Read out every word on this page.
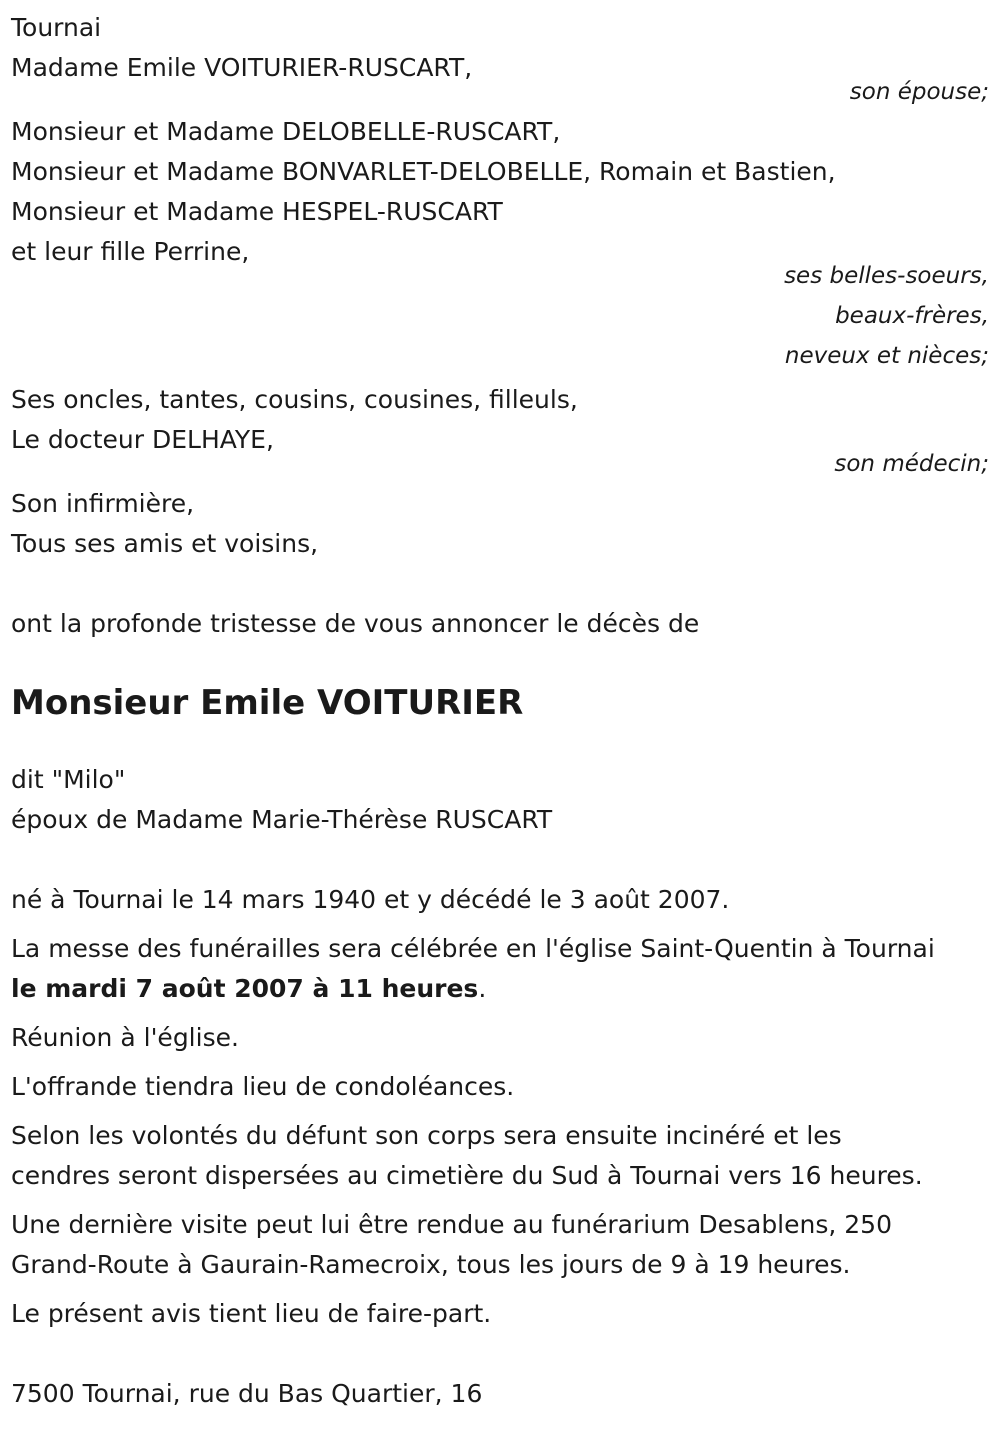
Tournai
Madame Emile VOITURIER-RUSCART,
son épouse;
Monsieur et Madame DELOBELLE-RUSCART,
Monsieur et Madame BONVARLET-DELOBELLE, Romain et Bastien,
Monsieur et Madame HESPEL-RUSCART
et leur fille Perrine,
ses belles-soeurs,
beaux-frères,
neveux et nièces;
Ses oncles, tantes, cousins, cousines, filleuls,
Le docteur DELHAYE,
son médecin;
Son infirmière,
Tous ses amis et voisins,
ont la profonde tristesse de vous annoncer le décès de
Monsieur Emile VOITURIER
dit "Milo"
époux de Madame Marie-Thérèse RUSCART
né à Tournai le 14 mars 1940 et y décédé le 3 août 2007.
La messe des funérailles sera célébrée en l'église Saint-Quentin à Tournai
le mardi 7 août 2007 à 11 heures.
Réunion à l'église.
L'offrande tiendra lieu de condoléances.
Selon les volontés du défunt son corps sera ensuite incinéré et les
cendres seront dispersées au cimetière du Sud à Tournai vers 16 heures.
Une dernière visite peut lui être rendue au funérarium Desablens, 250
Grand-Route à Gaurain-Ramecroix, tous les jours de 9 à 19 heures.
Le présent avis tient lieu de faire-part.
7500 Tournai, rue du Bas Quartier, 16
